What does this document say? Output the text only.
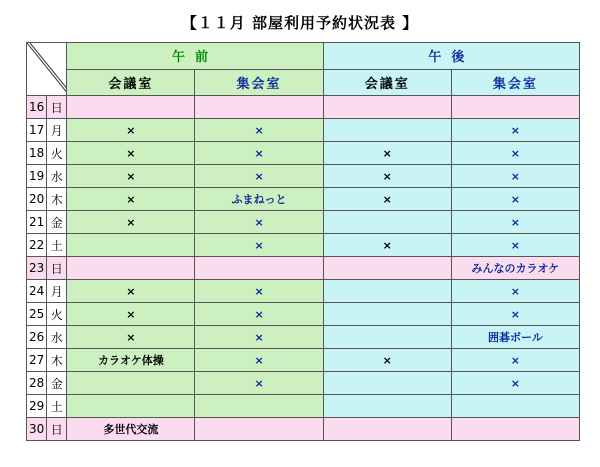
【１１月 部屋利用予約状況表 】
	午前		午後	
		会議室	集会室	会議室	集会室
16	日				
17	月	×	×		×
18	火	×	×	×	×
19	水	×	×	×	×
20	木	×	ふまねっと	×	×
21	金	×	×		×
22	土		×	×	×
23	日				みんなのカラオケ
24	月	×	×		×
25	火	×	×		×
26	水	×	×		囲碁ボール
27	木	カラオケ体操	×	×	×
28	金		×		×
29	土				
30	日	多世代交流			
